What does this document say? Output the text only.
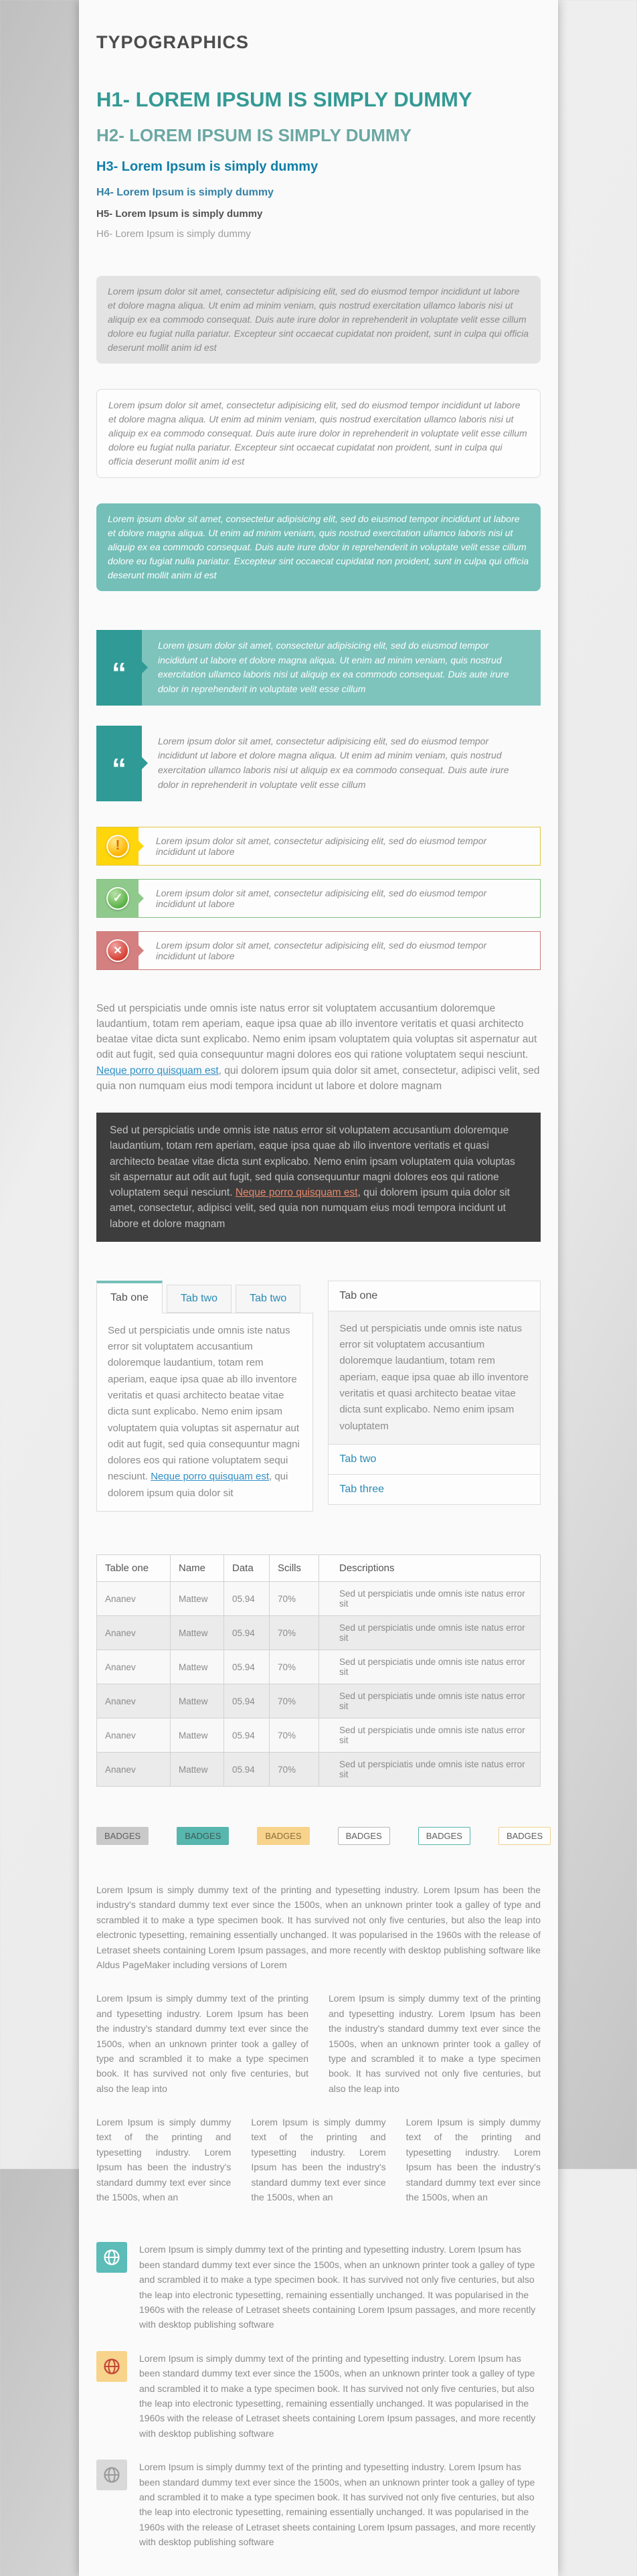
TYPOGRAPHICS
H1- LOREM IPSUM IS SIMPLY DUMMY
H2- LOREM IPSUM IS SIMPLY DUMMY
H3- Lorem Ipsum is simply dummy
H4- Lorem Ipsum is simply dummy
H5- Lorem Ipsum is simply dummy
H6- Lorem Ipsum is simply dummy
Lorem ipsum dolor sit amet, consectetur adipisicing elit, sed do eiusmod tempor incididunt ut labore et dolore magna aliqua. Ut enim ad minim veniam, quis nostrud exercitation ullamco laboris nisi ut aliquip ex ea commodo consequat. Duis aute irure dolor in reprehenderit in voluptate velit esse cillum dolore eu fugiat nulla pariatur. Excepteur sint occaecat cupidatat non proident, sunt in culpa qui officia deserunt mollit anim id est
Lorem ipsum dolor sit amet, consectetur adipisicing elit, sed do eiusmod tempor incididunt ut labore et dolore magna aliqua. Ut enim ad minim veniam, quis nostrud exercitation ullamco laboris nisi ut aliquip ex ea commodo consequat. Duis aute irure dolor in reprehenderit in voluptate velit esse cillum dolore eu fugiat nulla pariatur. Excepteur sint occaecat cupidatat non proident, sunt in culpa qui officia deserunt mollit anim id est
Lorem ipsum dolor sit amet, consectetur adipisicing elit, sed do eiusmod tempor incididunt ut labore et dolore magna aliqua. Ut enim ad minim veniam, quis nostrud exercitation ullamco laboris nisi ut aliquip ex ea commodo consequat. Duis aute irure dolor in reprehenderit in voluptate velit esse cillum dolore eu fugiat nulla pariatur. Excepteur sint occaecat cupidatat non proident, sunt in culpa qui officia deserunt mollit anim id est
“
Lorem ipsum dolor sit amet, consectetur adipisicing elit, sed do eiusmod tempor incididunt ut labore et dolore magna aliqua. Ut enim ad minim veniam, quis nostrud exercitation ullamco laboris nisi ut aliquip ex ea commodo consequat. Duis aute irure dolor in reprehenderit in voluptate velit esse cillum
“
Lorem ipsum dolor sit amet, consectetur adipisicing elit, sed do eiusmod tempor incididunt ut labore et dolore magna aliqua. Ut enim ad minim veniam, quis nostrud exercitation ullamco laboris nisi ut aliquip ex ea commodo consequat. Duis aute irure dolor in reprehenderit in voluptate velit esse cillum
!	Lorem ipsum dolor sit amet, consectetur adipisicing elit, sed do eiusmod tempor incididunt ut labore
✓	Lorem ipsum dolor sit amet, consectetur adipisicing elit, sed do eiusmod tempor incididunt ut labore
✕	Lorem ipsum dolor sit amet, consectetur adipisicing elit, sed do eiusmod tempor incididunt ut labore
Sed ut perspiciatis unde omnis iste natus error sit voluptatem accusantium doloremque laudantium, totam rem aperiam, eaque ipsa quae ab illo inventore veritatis et quasi architecto beatae vitae dicta sunt explicabo. Nemo enim ipsam voluptatem quia voluptas sit aspernatur aut odit aut fugit, sed quia consequuntur magni dolores eos qui ratione voluptatem sequi nesciunt. Neque porro quisquam est, qui dolorem ipsum quia dolor sit amet, consectetur, adipisci velit, sed quia non numquam eius modi tempora incidunt ut labore et dolore magnam
Sed ut perspiciatis unde omnis iste natus error sit voluptatem accusantium doloremque laudantium, totam rem aperiam, eaque ipsa quae ab illo inventore veritatis et quasi architecto beatae vitae dicta sunt explicabo. Nemo enim ipsam voluptatem quia voluptas sit aspernatur aut odit aut fugit, sed quia consequuntur magni dolores eos qui ratione voluptatem sequi nesciunt. Neque porro quisquam est, qui dolorem ipsum quia dolor sit amet, consectetur, adipisci velit, sed quia non numquam eius modi tempora incidunt ut labore et dolore magnam
Tab one	Tab two	Tab two
Sed ut perspiciatis unde omnis iste natus error sit voluptatem accusantium doloremque laudantium, totam rem aperiam, eaque ipsa quae ab illo inventore veritatis et quasi architecto beatae vitae dicta sunt explicabo. Nemo enim ipsam voluptatem quia voluptas sit aspernatur aut odit aut fugit, sed quia consequuntur magni dolores eos qui ratione voluptatem sequi nesciunt. Neque porro quisquam est, qui dolorem ipsum quia dolor sit
Tab one
Sed ut perspiciatis unde omnis iste natus error sit voluptatem accusantium doloremque laudantium, totam rem aperiam, eaque ipsa quae ab illo inventore veritatis et quasi architecto beatae vitae dicta sunt explicabo. Nemo enim ipsam voluptatem
Tab two
Tab three
Table one	Name	Data	Scills	Descriptions
Ananev	Mattew	05.94	70%	Sed ut perspiciatis unde omnis iste natus error sit
Ananev	Mattew	05.94	70%	Sed ut perspiciatis unde omnis iste natus error sit
Ananev	Mattew	05.94	70%	Sed ut perspiciatis unde omnis iste natus error sit
Ananev	Mattew	05.94	70%	Sed ut perspiciatis unde omnis iste natus error sit
Ananev	Mattew	05.94	70%	Sed ut perspiciatis unde omnis iste natus error sit
Ananev	Mattew	05.94	70%	Sed ut perspiciatis unde omnis iste natus error sit
BADGES	BADGES	BADGES	BADGES	BADGES	BADGES
Lorem Ipsum is simply dummy text of the printing and typesetting industry. Lorem Ipsum has been the industry's standard dummy text ever since the 1500s, when an unknown printer took a galley of type and scrambled it to make a type specimen book. It has survived not only five centuries, but also the leap into electronic typesetting, remaining essentially unchanged. It was popularised in the 1960s with the release of Letraset sheets containing Lorem Ipsum passages, and more recently with desktop publishing software like Aldus PageMaker including versions of Lorem
Lorem Ipsum is simply dummy text of the printing and typesetting industry. Lorem Ipsum has been the industry's standard dummy text ever since the 1500s, when an unknown printer took a galley of type and scrambled it to make a type specimen book. It has survived not only five centuries, but also the leap into
Lorem Ipsum is simply dummy text of the printing and typesetting industry. Lorem Ipsum has been the industry's standard dummy text ever since the 1500s, when an unknown printer took a galley of type and scrambled it to make a type specimen book. It has survived not only five centuries, but also the leap into
Lorem Ipsum is simply dummy text of the printing and typesetting industry. Lorem Ipsum has been the industry's standard dummy text ever since the 1500s, when an
Lorem Ipsum is simply dummy text of the printing and typesetting industry. Lorem Ipsum has been the industry's standard dummy text ever since the 1500s, when an
Lorem Ipsum is simply dummy text of the printing and typesetting industry. Lorem Ipsum has been the industry's standard dummy text ever since the 1500s, when an
Lorem Ipsum is simply dummy text of the printing and typesetting industry. Lorem Ipsum has been standard dummy text ever since the 1500s, when an unknown printer took a galley of type and scrambled it to make a type specimen book. It has survived not only five centuries, but also the leap into electronic typesetting, remaining essentially unchanged. It was popularised in the 1960s with the release of Letraset sheets containing Lorem Ipsum passages, and more recently with desktop publishing software
Lorem Ipsum is simply dummy text of the printing and typesetting industry. Lorem Ipsum has been standard dummy text ever since the 1500s, when an unknown printer took a galley of type and scrambled it to make a type specimen book. It has survived not only five centuries, but also the leap into electronic typesetting, remaining essentially unchanged. It was popularised in the 1960s with the release of Letraset sheets containing Lorem Ipsum passages, and more recently with desktop publishing software
Lorem Ipsum is simply dummy text of the printing and typesetting industry. Lorem Ipsum has been standard dummy text ever since the 1500s, when an unknown printer took a galley of type and scrambled it to make a type specimen book. It has survived not only five centuries, but also the leap into electronic typesetting, remaining essentially unchanged. It was popularised in the 1960s with the release of Letraset sheets containing Lorem Ipsum passages, and more recently with desktop publishing software
